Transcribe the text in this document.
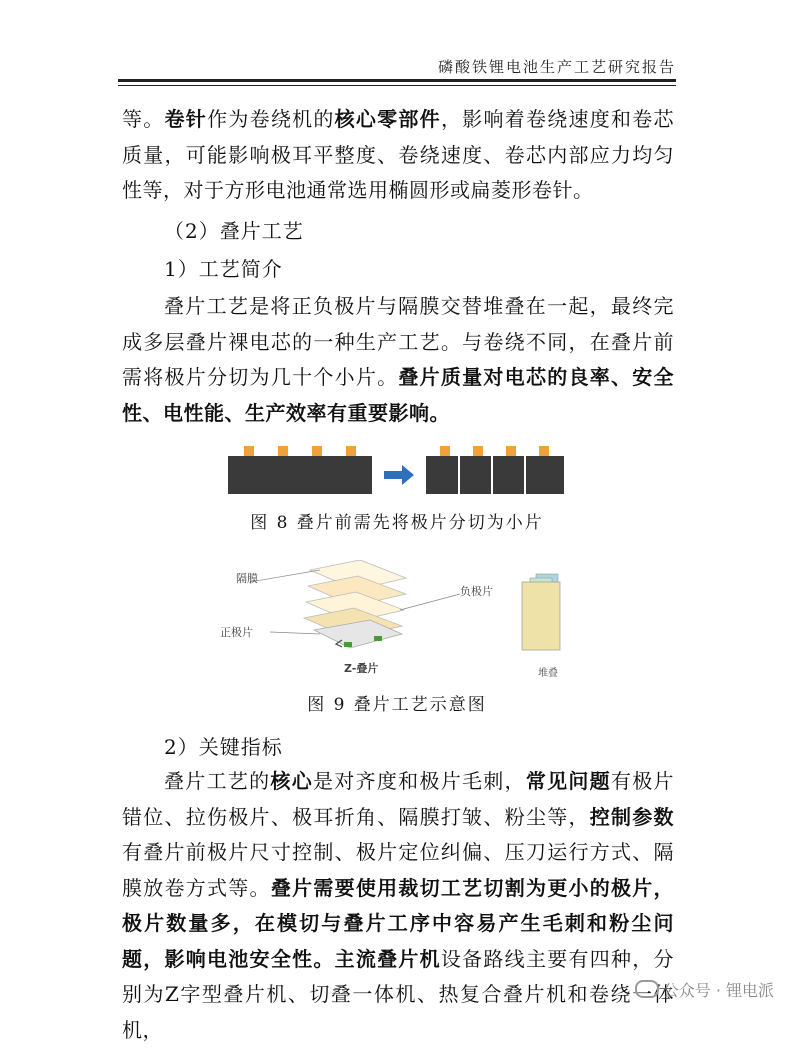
磷酸铁锂电池生产工艺研究报告
等。卷针作为卷绕机的核心零部件，影响着卷绕速度和卷芯质量，可能影响极耳平整度、卷绕速度、卷芯内部应力均匀性等，对于方形电池通常选用椭圆形或扁菱形卷针。
（2）叠片工艺
1）工艺简介
叠片工艺是将正负极片与隔膜交替堆叠在一起，最终完成多层叠片裸电芯的一种生产工艺。与卷绕不同，在叠片前需将极片分切为几十个小片。叠片质量对电芯的良率、安全性、电性能、生产效率有重要影响。
图 8 叠片前需先将极片分切为小片
隔膜
负极片
正极片
Z-叠片	堆叠
图 9 叠片工艺示意图
2）关键指标
叠片工艺的核心是对齐度和极片毛刺，常见问题有极片错位、拉伤极片、极耳折角、隔膜打皱、粉尘等，控制参数有叠片前极片尺寸控制、极片定位纠偏、压刀运行方式、隔膜放卷方式等。叠片需要使用裁切工艺切割为更小的极片，极片数量多，在模切与叠片工序中容易产生毛刺和粉尘问题，影响电池安全性。主流叠片机设备路线主要有四种，分别为Z字型叠片机、切叠一体机、热复合叠片机和卷绕一体机，
公众号 · 锂电派
